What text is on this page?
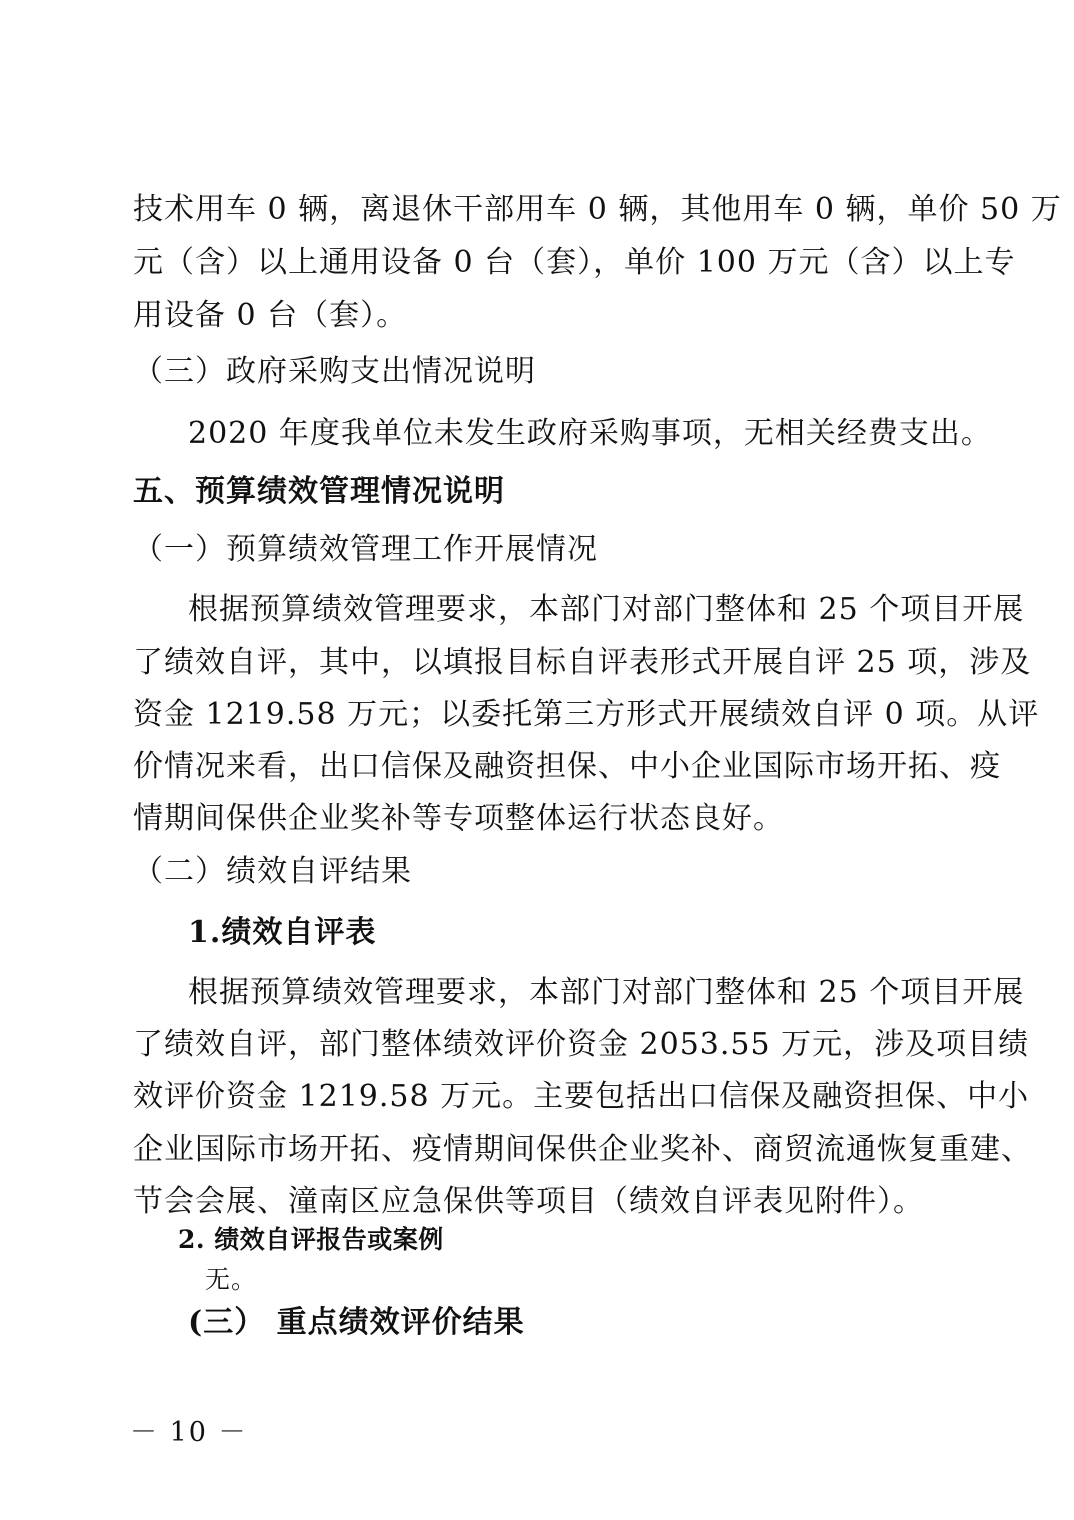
技术用车 0 辆，离退休干部用车 0 辆，其他用车 0 辆，单价 50 万
元（含）以上通用设备 0 台（套），单价 100 万元（含）以上专
用设备 0 台（套）。
（三）政府采购支出情况说明
2020 年度我单位未发生政府采购事项，无相关经费支出。
五、预算绩效管理情况说明
（一）预算绩效管理工作开展情况
根据预算绩效管理要求，本部门对部门整体和 25 个项目开展
了绩效自评，其中，以填报目标自评表形式开展自评 25 项，涉及
资金 1219.58 万元；以委托第三方形式开展绩效自评 0 项。从评
价情况来看，出口信保及融资担保、中小企业国际市场开拓、疫
情期间保供企业奖补等专项整体运行状态良好。
（二）绩效自评结果
1.绩效自评表
根据预算绩效管理要求，本部门对部门整体和 25 个项目开展
了绩效自评，部门整体绩效评价资金 2053.55 万元，涉及项目绩
效评价资金 1219.58 万元。主要包括出口信保及融资担保、中小
企业国际市场开拓、疫情期间保供企业奖补、商贸流通恢复重建、
节会会展、潼南区应急保供等项目（绩效自评表见附件）。
2. 绩效自评报告或案例
无。
(三） 重点绩效评价结果
－ 10 －
